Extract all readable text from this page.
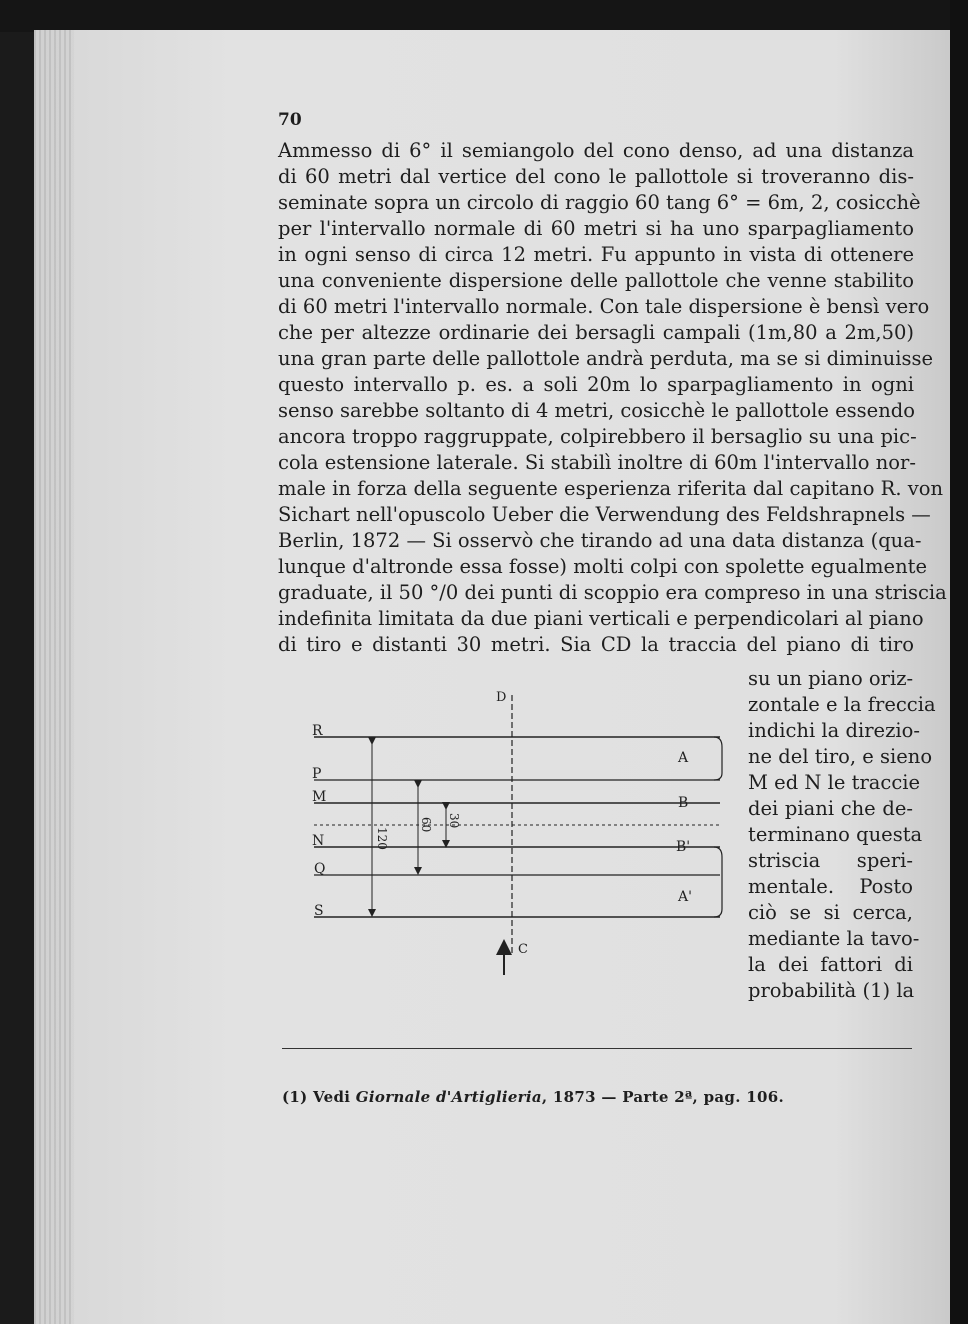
70
Ammesso di 6° il semiangolo del cono denso, ad una distanza
di 60 metri dal vertice del cono le pallottole si troveranno dis-
seminate sopra un circolo di raggio 60 tang 6° = 6m, 2, cosicchè
per l'intervallo normale di 60 metri si ha uno sparpagliamento
in ogni senso di circa 12 metri. Fu appunto in vista di ottenere
una conveniente dispersione delle pallottole che venne stabilito
di 60 metri l'intervallo normale. Con tale dispersione è bensì vero
che per altezze ordinarie dei bersagli campali (1m,80 a 2m,50)
una gran parte delle pallottole andrà perduta, ma se si diminuisse
questo intervallo p. es. a soli 20m lo sparpagliamento in ogni
senso sarebbe soltanto di 4 metri, cosicchè le pallottole essendo
ancora troppo raggruppate, colpirebbero il bersaglio su una pic-
cola estensione laterale. Si stabilì inoltre di 60m l'intervallo nor-
male in forza della seguente esperienza riferita dal capitano R. von
Sichart nell'opuscolo Ueber die Verwendung des Feldshrapnels —
Berlin, 1872 — Si osservò che tirando ad una data distanza (qua-
lunque d'altronde essa fosse) molti colpi con spolette egualmente
graduate, il 50 °/0 dei punti di scoppio era compreso in una striscia
indefinita limitata da due piani verticali e perpendicolari al piano
di tiro e distanti 30 metri. Sia CD la traccia del piano di tiro
su un piano oriz-
zontale e la freccia
indichi la direzio-
ne del tiro, e sieno
M ed N le traccie
dei piani che de-
terminano questa
striscia speri-
mentale. Posto
ciò se si cerca,
mediante la tavo-
la dei fattori di
probabilità (1) la
R
P
M
N
Q
S
D
C
A
B
B'
A'
120
60 30
(1) Vedi Giornale d'Artiglieria, 1873 — Parte 2ª, pag. 106.
